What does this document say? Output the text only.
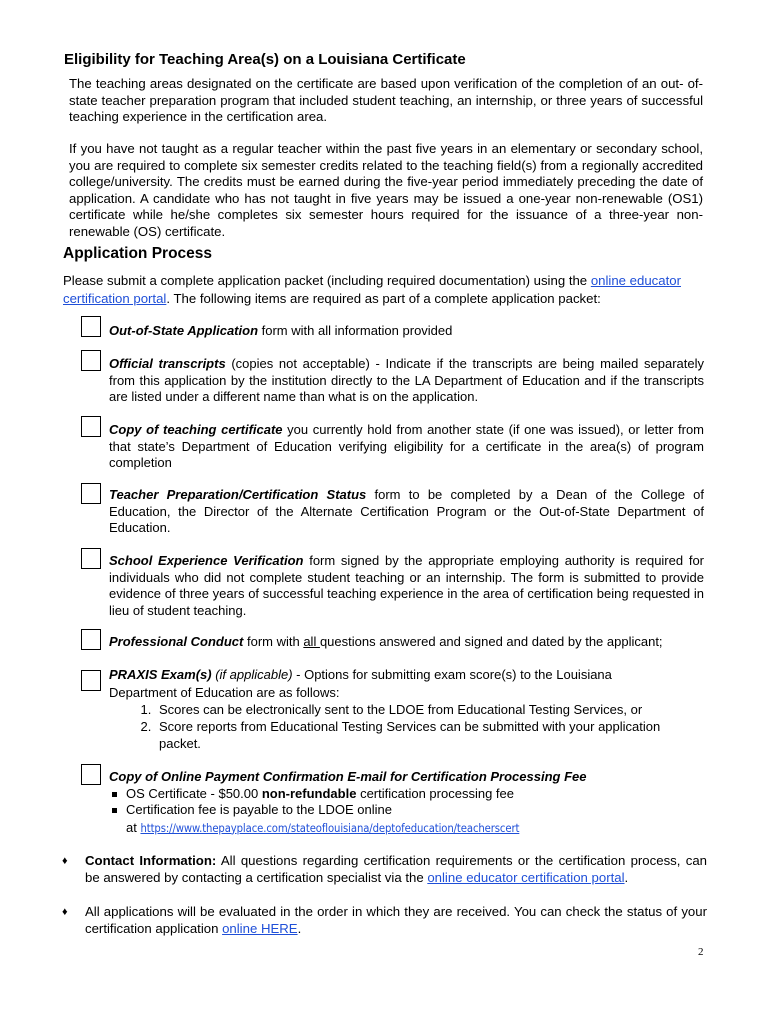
Eligibility for Teaching Area(s) on a Louisiana Certificate
The teaching areas designated on the certificate are based upon verification of the completion of an out- of-state teacher preparation program that included student teaching, an internship, or three years of successful teaching experience in the certification area.
If you have not taught as a regular teacher within the past five years in an elementary or secondary school, you are required to complete six semester credits related to the teaching field(s) from a regionally accredited college/university. The credits must be earned during the five-year period immediately preceding the date of application. A candidate who has not taught in five years may be issued a one-year non-renewable (OS1) certificate while he/she completes six semester hours required for the issuance of a three-year non-renewable (OS) certificate.
Application Process
Please submit a complete application packet (including required documentation) using the online educator certification portal. The following items are required as part of a complete application packet:
Out-of-State Application form with all information provided
Official transcripts (copies not acceptable) - Indicate if the transcripts are being mailed separately from this application by the institution directly to the LA Department of Education and if the transcripts are listed under a different name than what is on the application.
Copy of teaching certificate you currently hold from another state (if one was issued), or letter from that state’s Department of Education verifying eligibility for a certificate in the area(s) of program completion
Teacher Preparation/Certification Status form to be completed by a Dean of the College of Education, the Director of the Alternate Certification Program or the Out-of-State Department of Education.
School Experience Verification form signed by the appropriate employing authority is required for individuals who did not complete student teaching or an internship. The form is submitted to provide evidence of three years of successful teaching experience in the area of certification being requested in lieu of student teaching.
Professional Conduct form with all questions answered and signed and dated by the applicant;
PRAXIS Exam(s) (if applicable) - Options for submitting exam score(s) to the Louisiana Department of Education are as follows:
1. Scores can be electronically sent to the LDOE from Educational Testing Services, or
2. Score reports from Educational Testing Services can be submitted with your application packet.
Copy of Online Payment Confirmation E-mail for Certification Processing Fee
OS Certificate - $50.00 non-refundable certification processing fee
Certification fee is payable to the LDOE online
at https://www.thepayplace.com/stateoflouisiana/deptofeducation/teacherscert
♦ Contact Information: All questions regarding certification requirements or the certification process, can be answered by contacting a certification specialist via the online educator certification portal.
♦ All applications will be evaluated in the order in which they are received. You can check the status of your certification application online HERE.
2
